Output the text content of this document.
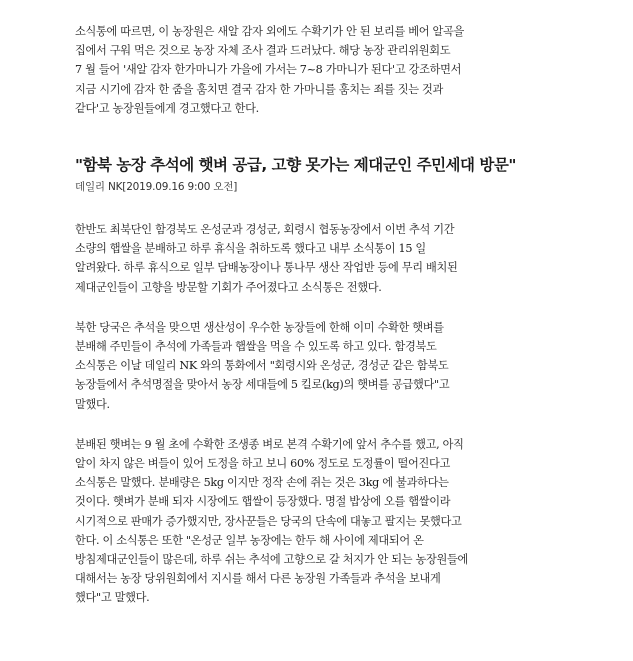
소식통에 따르면, 이 농장원은 새알 감자 외에도 수확기가 안 된 보리를 베어 알곡을
집에서 구워 먹은 것으로 농장 자체 조사 결과 드러났다. 해당 농장 관리위원회도
7 월 들어 '새알 감자 한가마니가 가을에 가서는 7~8 가마니가 된다'고 강조하면서
지금 시기에 감자 한 줌을 훔치면 결국 감자 한 가마니를 훔치는 죄를 짓는 것과
같다'고 농장원들에게 경고했다고 한다.

"함북 농장 추석에 햇벼 공급, 고향 못가는 제대군인 주민세대 방문"

데일리 NK[2019.09.16 9:00 오전]

한반도 최북단인 함경북도 온성군과 경성군, 회령시 협동농장에서 이번 추석 기간
소량의 햅쌀을 분배하고 하루 휴식을 취하도록 했다고 내부 소식통이 15 일
알려왔다. 하루 휴식으로 일부 담배농장이나 통나무 생산 작업반 등에 무리 배치된
제대군인들이 고향을 방문할 기회가 주어졌다고 소식통은 전했다.

북한 당국은 추석을 맞으면 생산성이 우수한 농장들에 한해 이미 수확한 햇벼를
분배해 주민들이 추석에 가족들과 햅쌀을 먹을 수 있도록 하고 있다. 함경북도
소식통은 이날 데일리 NK 와의 통화에서 "회령시와 온성군, 경성군 같은 함북도
농장들에서 추석명절을 맞아서 농장 세대들에 5 킬로(kg)의 햇벼를 공급했다"고
말했다.

분배된 햇벼는 9 월 초에 수확한 조생종 벼로 본격 수확기에 앞서 추수를 했고, 아직
알이 차지 않은 벼들이 있어 도정을 하고 보니 60% 정도로 도정률이 떨어진다고
소식통은 말했다. 분배량은 5kg 이지만 정작 손에 쥐는 것은 3kg 에 불과하다는
것이다. 햇벼가 분배 되자 시장에도 햅쌀이 등장했다. 명절 밥상에 오를 햅쌀이라
시기적으로 판매가 증가했지만, 장사꾼들은 당국의 단속에 대놓고 팔지는 못했다고
한다. 이 소식통은 또한 "온성군 일부 농장에는 한두 해 사이에 제대되어 온
방침제대군인들이 많은데, 하루 쉬는 추석에 고향으로 갈 처지가 안 되는 농장원들에
대해서는 농장 당위원회에서 지시를 해서 다른 농장원 가족들과 추석을 보내게
했다"고 말했다.
